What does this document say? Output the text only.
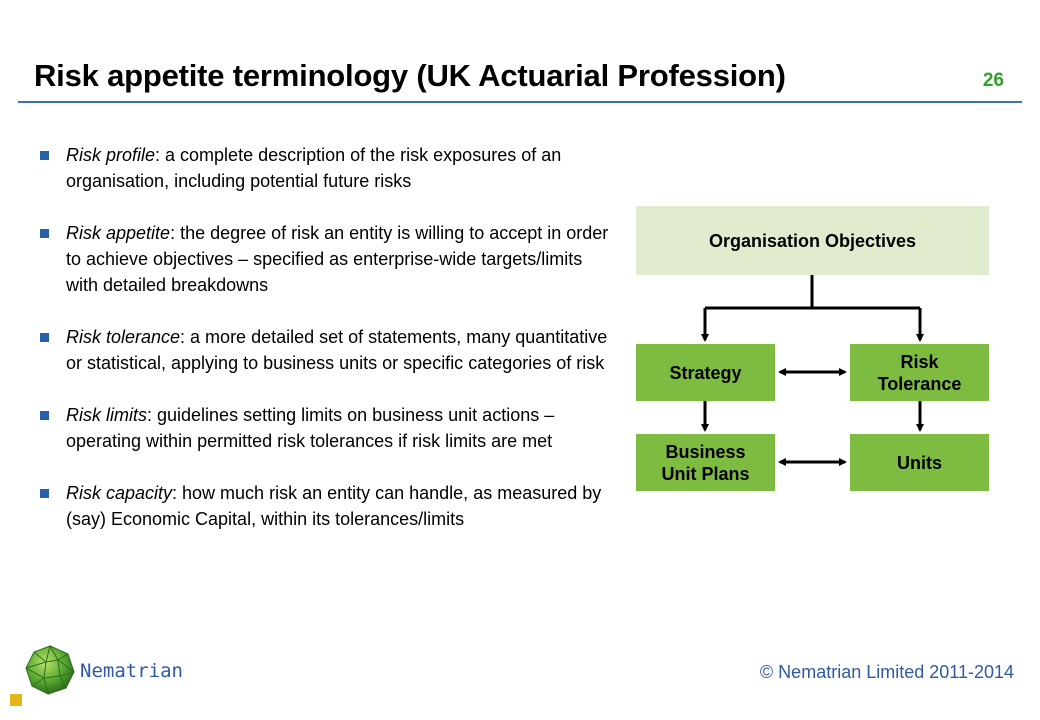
Risk appetite terminology (UK Actuarial Profession)	26
Risk profile: a complete description of the risk exposures of an organisation, including potential future risks
Risk appetite: the degree of risk an entity is willing to accept in order to achieve objectives – specified as enterprise-wide targets/limits with detailed breakdowns
Risk tolerance: a more detailed set of statements, many quantitative or statistical, applying to business units or specific categories of risk
Risk limits: guidelines setting limits on business unit actions – operating within permitted risk tolerances if risk limits are met
Risk capacity: how much risk an entity can handle, as measured by (say) Economic Capital, within its tolerances/limits
Organisation Objectives
Strategy
Risk
Tolerance
Business
Unit Plans
Units
Nematrian	© Nematrian Limited 2011-2014
